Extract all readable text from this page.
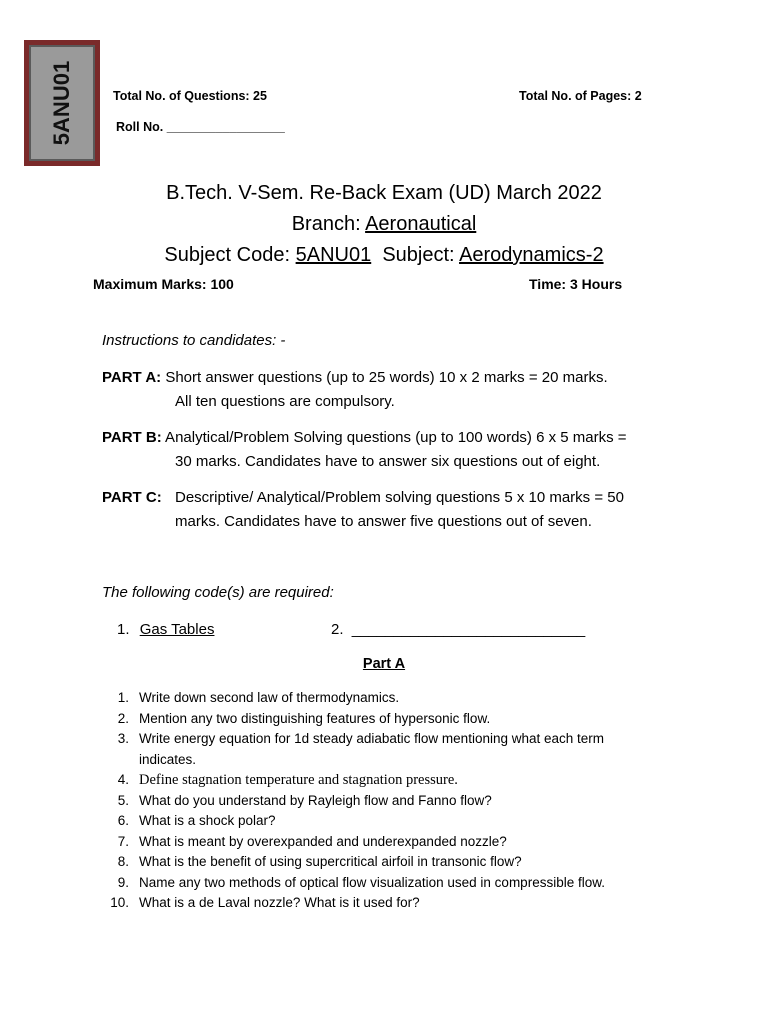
5ANU01	Total No. of Questions: 25	Total No. of Pages: 2
Roll No. _________________
B.Tech. V-Sem. Re-Back Exam (UD) March 2022
Branch: Aeronautical
Subject Code: 5ANU01  Subject: Aerodynamics-2
Maximum Marks: 100	Time: 3 Hours
Instructions to candidates: -
PART A: Short answer questions (up to 25 words) 10 x 2 marks = 20 marks.
All ten questions are compulsory.
PART B: Analytical/Problem Solving questions (up to 100 words) 6 x 5 marks =
30 marks. Candidates have to answer six questions out of eight.
PART C: Descriptive/ Analytical/Problem solving questions 5 x 10 marks = 50
marks. Candidates have to answer five questions out of seven.
The following code(s) are required:
1. Gas Tables	2. ____________________________
Part A
1. Write down second law of thermodynamics.
2. Mention any two distinguishing features of hypersonic flow.
3. Write energy equation for 1d steady adiabatic flow mentioning what each term indicates.
4. Define stagnation temperature and stagnation pressure.
5. What do you understand by Rayleigh flow and Fanno flow?
6. What is a shock polar?
7. What is meant by overexpanded and underexpanded nozzle?
8. What is the benefit of using supercritical airfoil in transonic flow?
9. Name any two methods of optical flow visualization used in compressible flow.
10. What is a de Laval nozzle? What is it used for?
